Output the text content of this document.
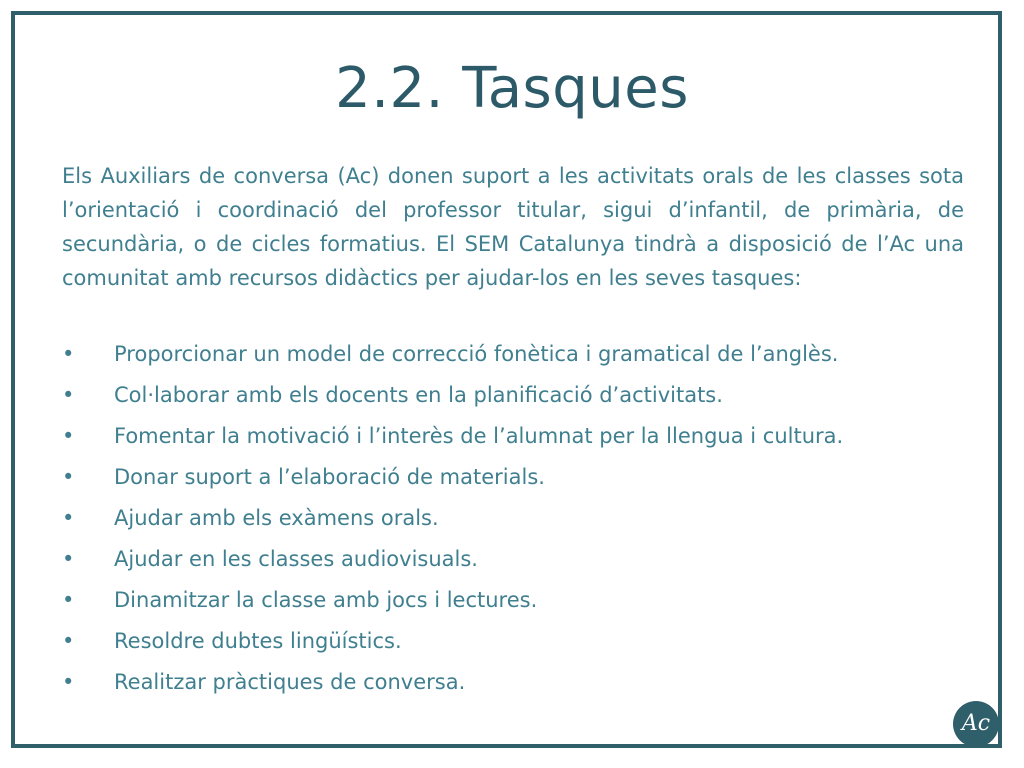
2.2. Tasques

Els Auxiliars de conversa (Ac) donen suport a les activitats orals de les classes sota l’orientació i coordinació del professor titular, sigui d’infantil, de primària, de secundària, o de cicles formatius. El SEM Catalunya tindrà a disposició de l’Ac una comunitat amb recursos didàctics per ajudar-los en les seves tasques:

• Proporcionar un model de correcció fonètica i gramatical de l’anglès.
• Col·laborar amb els docents en la planificació d’activitats.
• Fomentar la motivació i l’interès de l’alumnat per la llengua i cultura.
• Donar suport a l’elaboració de materials.
• Ajudar amb els exàmens orals.
• Ajudar en les classes audiovisuals.
• Dinamitzar la classe amb jocs i lectures.
• Resoldre dubtes lingüístics.
• Realitzar pràctiques de conversa.
Ac
